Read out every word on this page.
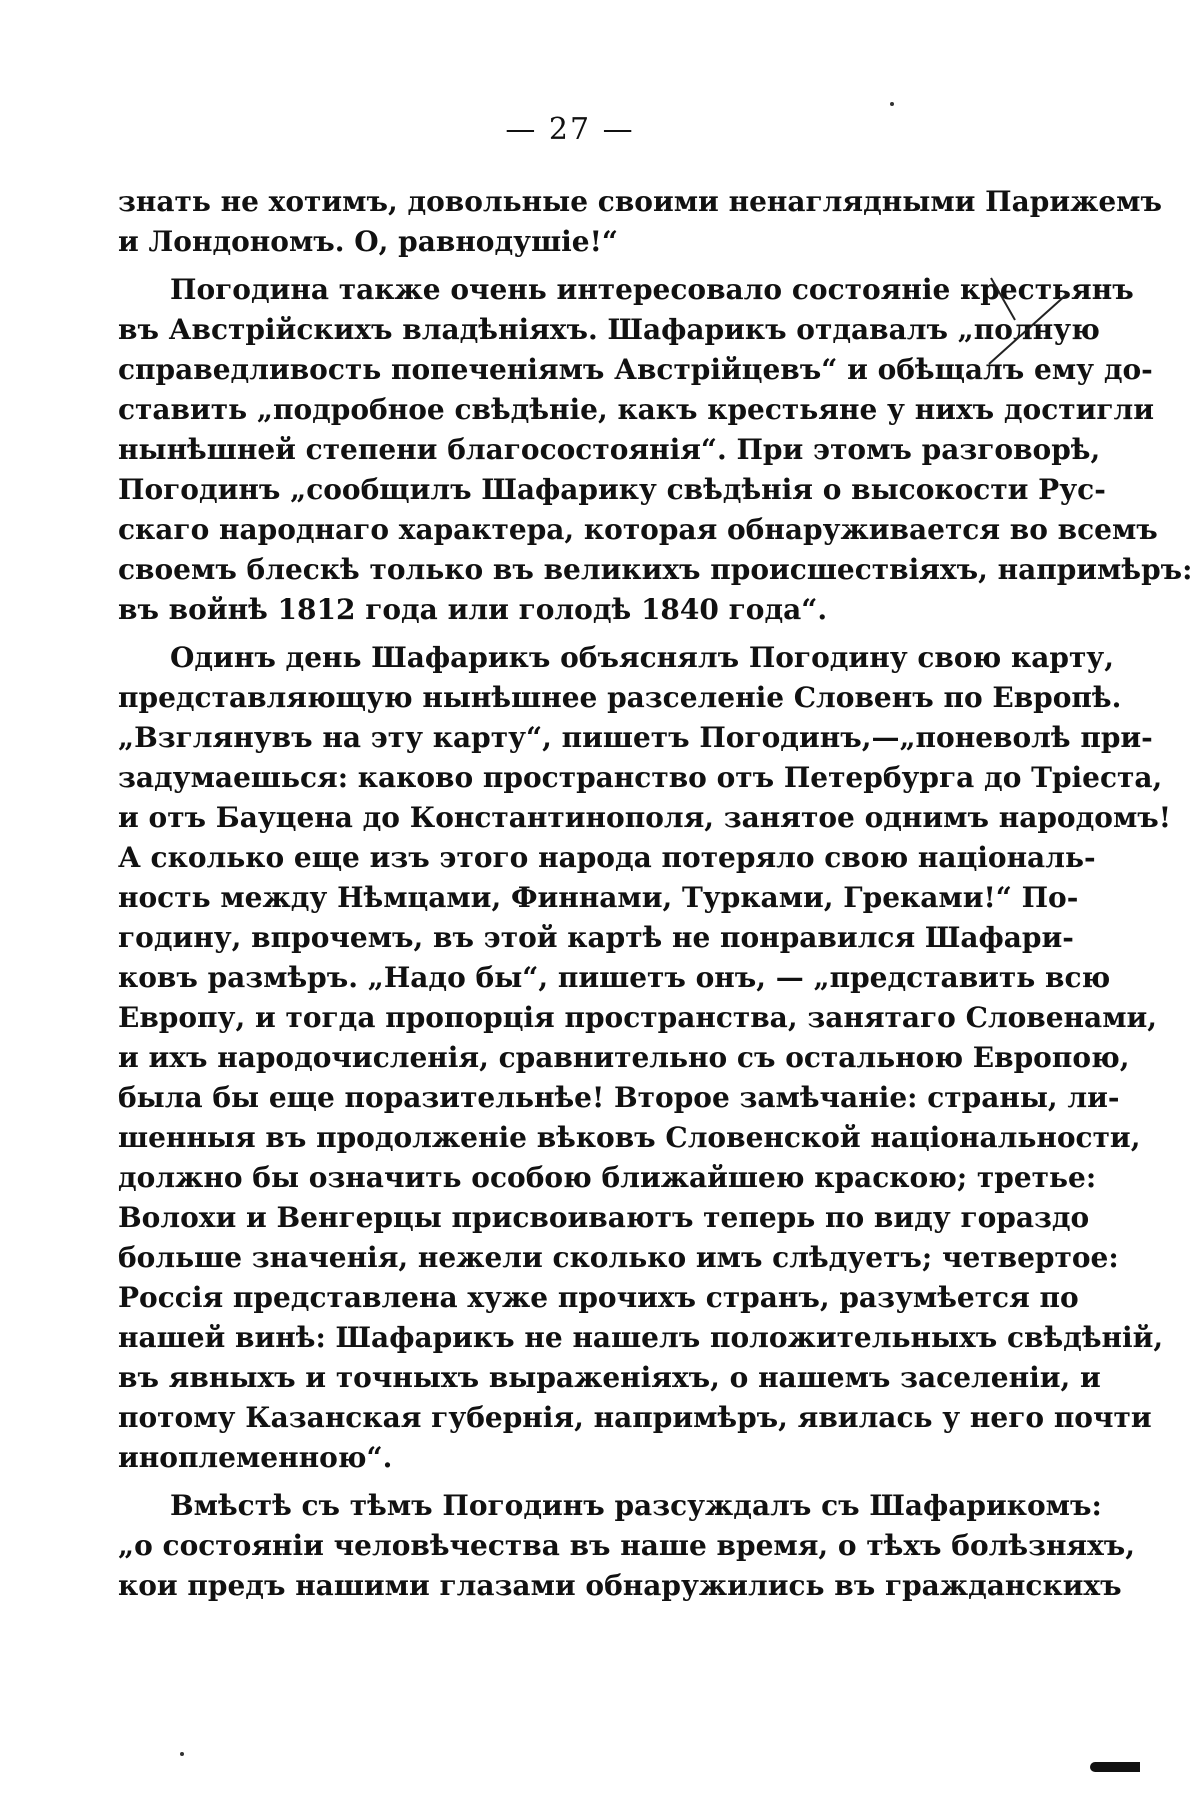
— 27 —
знать не хотимъ, довольные своими ненаглядными Парижемъ
и Лондономъ. О, равнодушіе!“
Погодина также очень интересовало состояніе крестьянъ
въ Австрійскихъ владѣніяхъ. Шафарикъ отдавалъ „полную
справедливость попеченіямъ Австрійцевъ“ и обѣщалъ ему до-
ставить „подробное свѣдѣніе, какъ крестьяне у нихъ достигли
нынѣшней степени благосостоянія“. При этомъ разговорѣ,
Погодинъ „сообщилъ Шафарику свѣдѣнія о высокости Рус-
скаго народнаго характера, которая обнаруживается во всемъ
своемъ блескѣ только въ великихъ происшествіяхъ, напримѣръ:
въ войнѣ 1812 года или голодѣ 1840 года“.
Одинъ день Шафарикъ объяснялъ Погодину свою карту,
представляющую нынѣшнее разселеніе Словенъ по Европѣ.
„Взглянувъ на эту карту“, пишетъ Погодинъ,—„поневолѣ при-
задумаешься: каково пространство отъ Петербурга до Тріеста,
и отъ Бауцена до Константинополя, занятое однимъ народомъ!
А сколько еще изъ этого народа потеряло свою національ-
ность между Нѣмцами, Финнами, Турками, Греками!“ По-
годину, впрочемъ, въ этой картѣ не понравился Шафари-
ковъ размѣръ. „Надо бы“, пишетъ онъ, — „представить всю
Европу, и тогда пропорція пространства, занятаго Словенами,
и ихъ народочисленія, сравнительно съ остальною Европою,
была бы еще поразительнѣе! Второе замѣчаніе: страны, ли-
шенныя въ продолженіе вѣковъ Словенской національности,
должно бы означить особою ближайшею краскою; третье:
Волохи и Венгерцы присвоиваютъ теперь по виду гораздо
больше значенія, нежели сколько имъ слѣдуетъ; четвертое:
Россія представлена хуже прочихъ странъ, разумѣется по
нашей винѣ: Шафарикъ не нашелъ положительныхъ свѣдѣній,
въ явныхъ и точныхъ выраженіяхъ, о нашемъ заселеніи, и
потому Казанская губернія, напримѣръ, явилась у него почти
иноплеменною“.
Вмѣстѣ съ тѣмъ Погодинъ разсуждалъ съ Шафарикомъ:
„о состояніи человѣчества въ наше время, о тѣхъ болѣзняхъ,
кои предъ нашими глазами обнаружились въ гражданскихъ
